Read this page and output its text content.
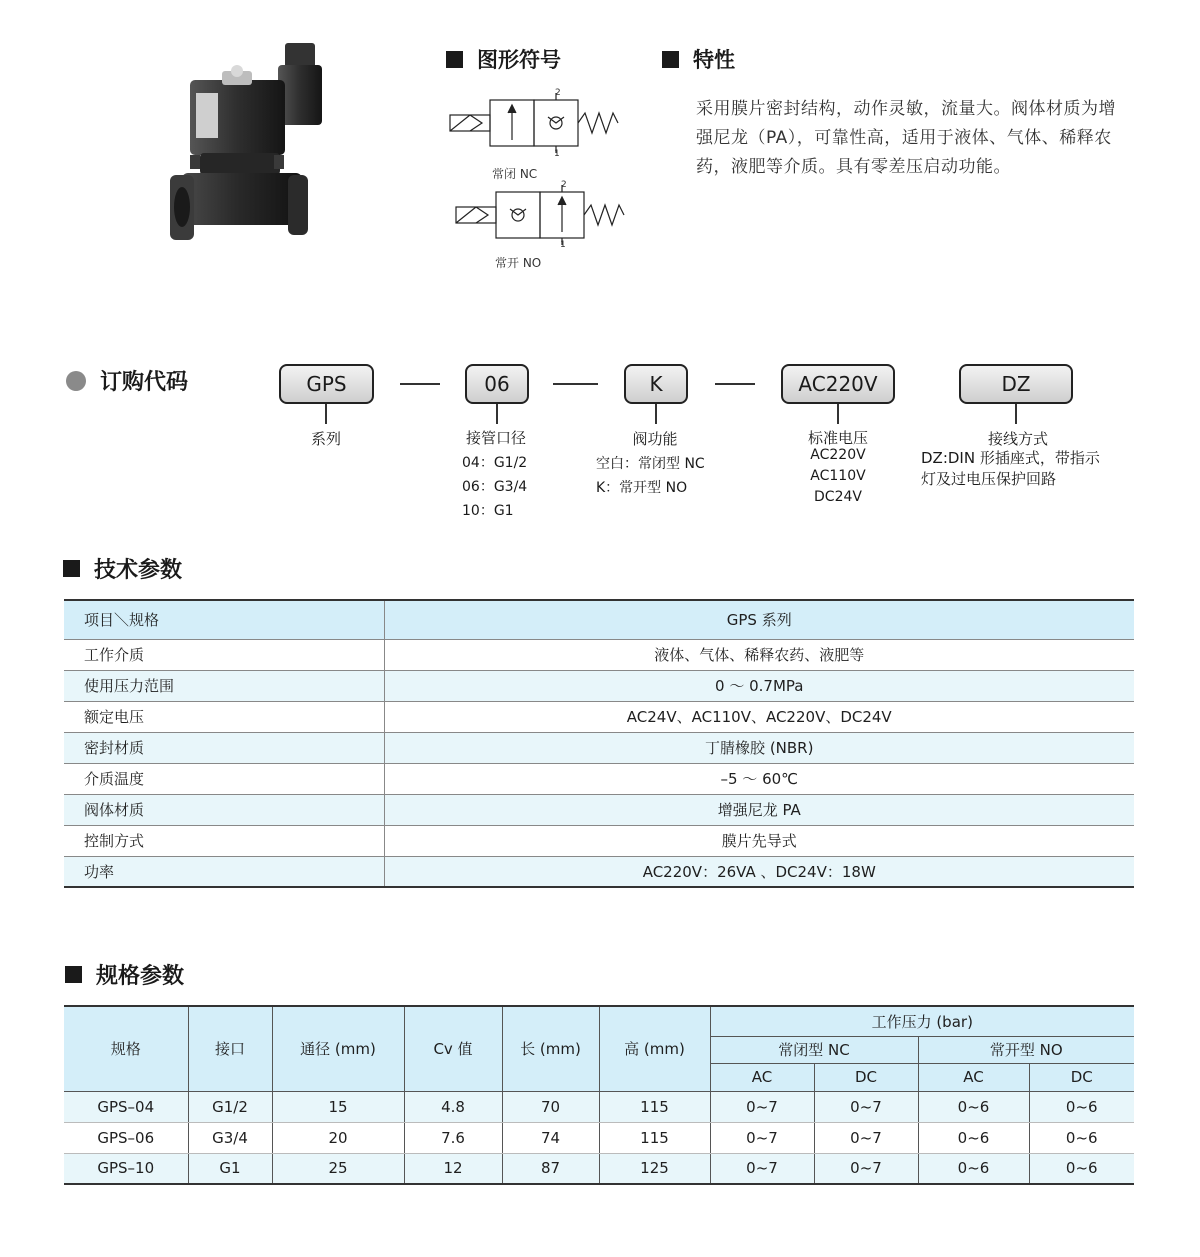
图形符号
2
1
常闭 NC
2
1
常开 NO
特性

采用膜片密封结构，动作灵敏，流量大。阀体材质为增强尼龙（PA），可靠性高，适用于液体、气体、稀释农药，液肥等介质。具有零差压启动功能。

订购代码	GPS	06	K	AC220V	DZ
系列	接管口径
04：G1/2
06：G3/4
10：G1
阀功能
空白：常闭型 NC
K：常开型 NO
标准电压
AC220V
AC110V
DC24V
接线方式
DZ:DIN 形插座式，带指示
灯及过电压保护回路
技术参数
项目＼规格	GPS 系列
工作介质	液体、气体、稀释农药、液肥等
使用压力范围	0 ～ 0.7MPa
额定电压	AC24V、AC110V、AC220V、DC24V
密封材质	丁腈橡胶 (NBR)
介质温度	–5 ～ 60℃
阀体材质	增强尼龙 PA
控制方式	膜片先导式
功率	AC220V：26VA 、DC24V：18W
规格参数
规格	接口	通径 (mm)	Cv 值	长 (mm)	高 (mm)	工作压力 (bar)			
						常闭型 NC		常开型 NO	
						AC	DC	AC	DC
GPS–04	G1/2	15	4.8	70	115	0~7	0~7	0~6	0~6
GPS–06	G3/4	20	7.6	74	115	0~7	0~7	0~6	0~6
GPS–10	G1	25	12	87	125	0~7	0~7	0~6	0~6
